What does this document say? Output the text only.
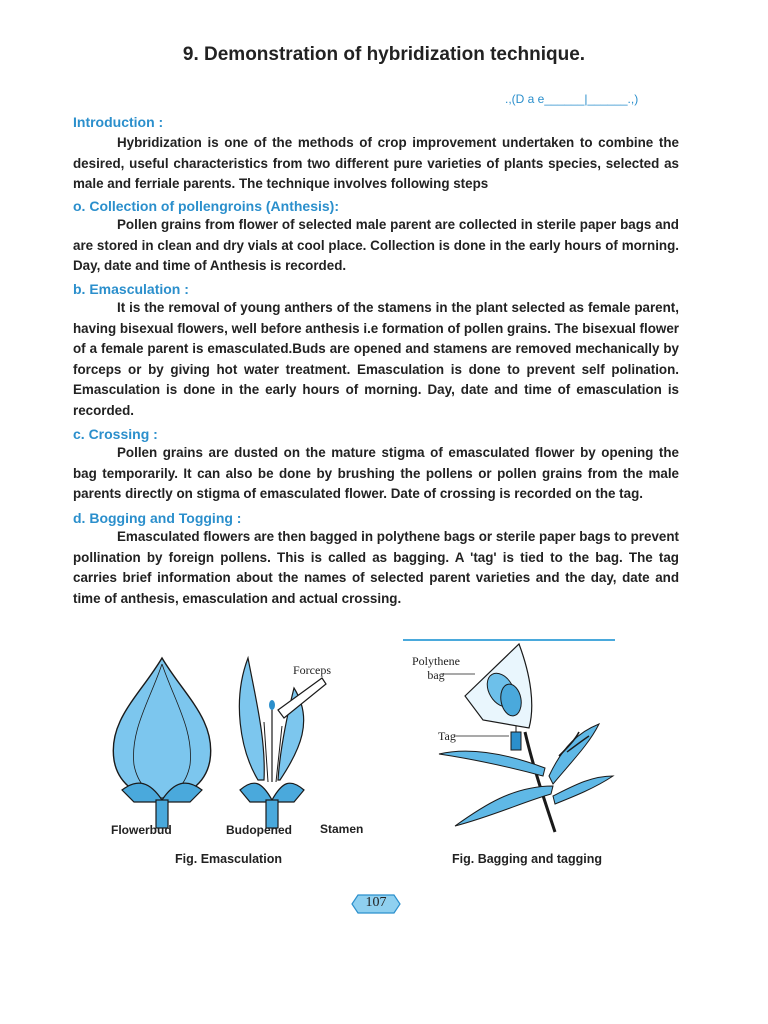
9. Demonstration of hybridization technique.
.,(D a e______|______.,)
Introduction :

Hybridization is one of the methods of crop improvement undertaken to combine the desired, useful characteristics from two different pure varieties of plants species, selected as male and ferriale parents. The technique involves following steps

o. Collection of pollengroins (Anthesis):

Pollen grains from flower of selected male parent are collected in sterile paper bags and are stored in clean and dry vials at cool place. Collection is done in the early hours of morning. Day, date and time of Anthesis is recorded.

b. Emasculation :

It is the removal of young anthers of the stamens in the plant selected as female parent, having bisexual flowers, well before anthesis i.e formation of pollen grains. The bisexual flower of a female parent is emasculated.Buds are opened and stamens are removed mechanically by forceps or by giving hot water treatment. Emasculation is done to prevent self polination. Emasculation is done in the early hours of morning. Day, date and time of emasculation is recorded.

c. Crossing :

Pollen grains are dusted on the mature stigma of emasculated flower by opening the bag temporarily. It can also be done by brushing the pollens or pollen grains from the male parents directly on stigma of emasculated flower. Date of crossing is recorded on the tag.

d. Bogging and Togging :

Emasculated flowers are then bagged in polythene bags or sterile paper bags to prevent pollination by foreign pollens. This is called as bagging. A 'tag' is tied to the bag. The tag carries brief information about the names of selected parent varieties and the day, date and time of anthesis, emasculation and actual crossing.

Forceps
Flowerbud	Budopened Stamen
Fig. Emasculation
Polythene bag
Tag
Fig. Bagging and tagging
107
